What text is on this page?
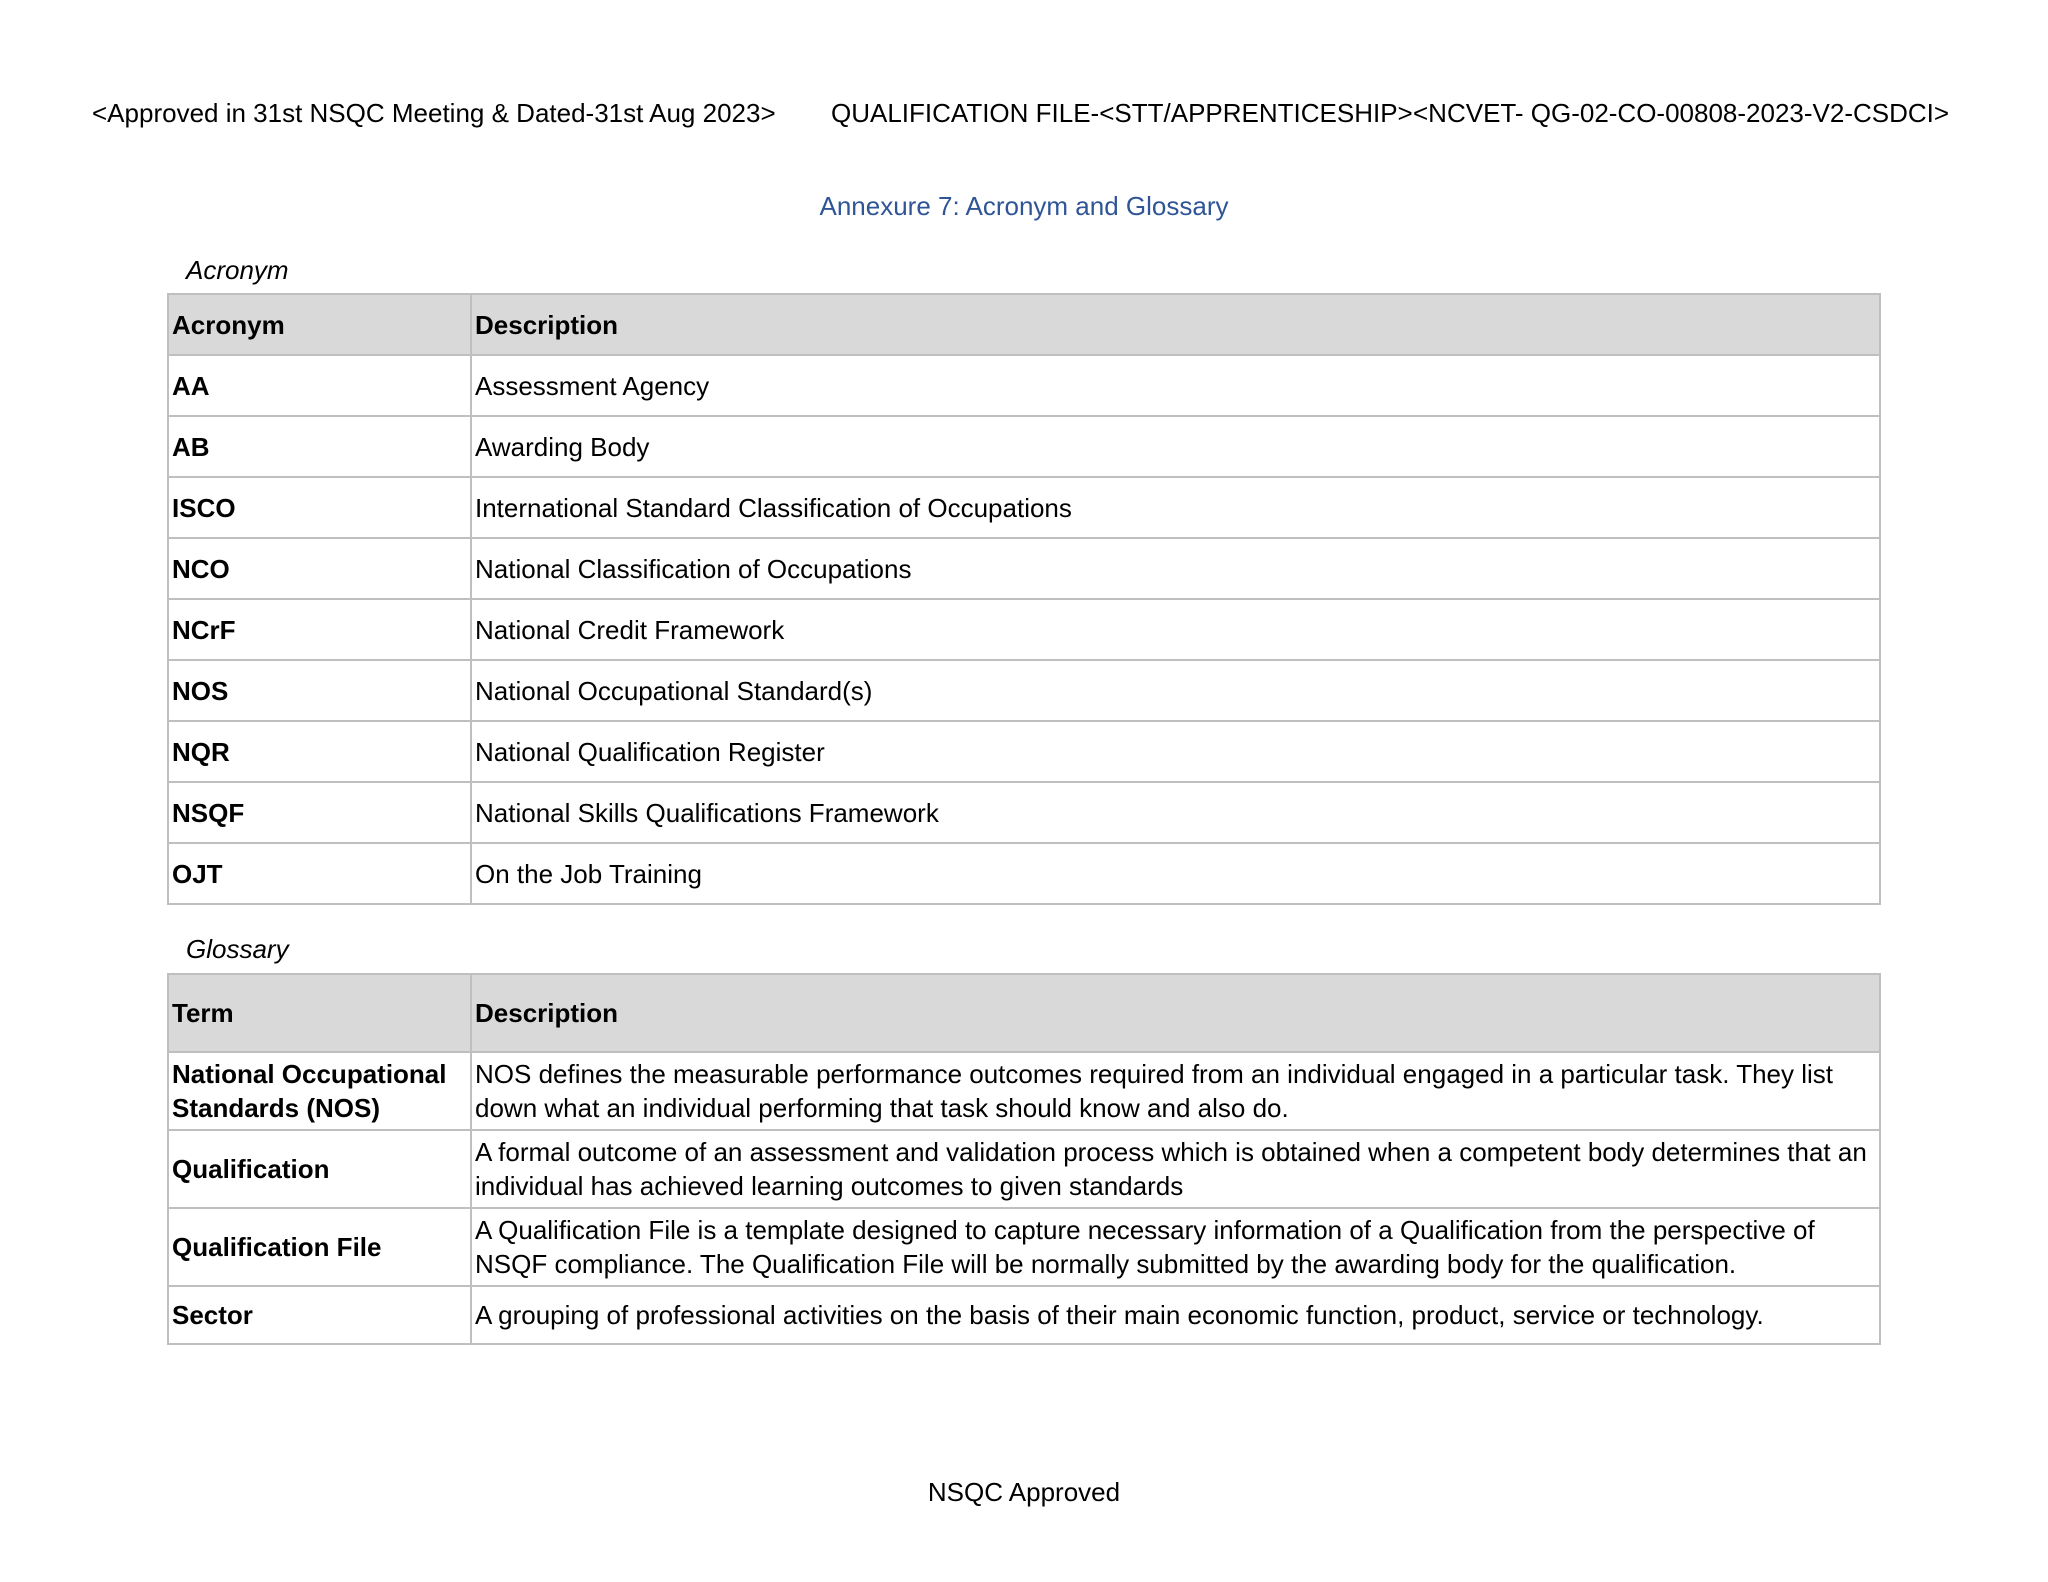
<Approved in 31st NSQC Meeting & Dated-31st Aug 2023> QUALIFICATION FILE-<STT/APPRENTICESHIP> <NCVET- QG-02-CO-00808-2023-V2-CSDCI>
Annexure 7: Acronym and Glossary
Acronym
Acronym	Description
AA	Assessment Agency
AB	Awarding Body
ISCO	International Standard Classification of Occupations
NCO	National Classification of Occupations
NCrF	National Credit Framework
NOS	National Occupational Standard(s)
NQR	National Qualification Register
NSQF	National Skills Qualifications Framework
OJT	On the Job Training
Glossary
Term	Description
National Occupational Standards (NOS)	NOS defines the measurable performance outcomes required from an individual engaged in a particular task. They list down what an individual performing that task should know and also do.
Qualification	A formal outcome of an assessment and validation process which is obtained when a competent body determines that an individual has achieved learning outcomes to given standards
Qualification File	A Qualification File is a template designed to capture necessary information of a Qualification from the perspective of NSQF compliance. The Qualification File will be normally submitted by the awarding body for the qualification.
Sector	A grouping of professional activities on the basis of their main economic function, product, service or technology.
NSQC Approved
